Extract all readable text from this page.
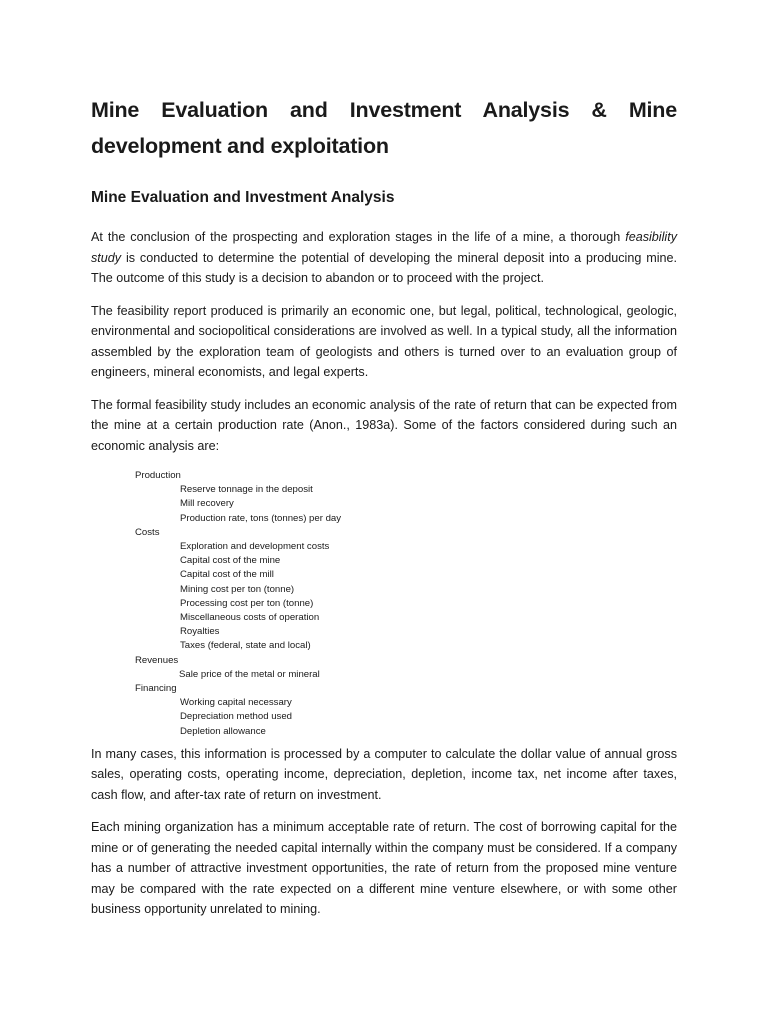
Mine Evaluation and Investment Analysis & Mine development and exploitation
Mine Evaluation and Investment Analysis

At the conclusion of the prospecting and exploration stages in the life of a mine, a thorough feasibility study is conducted to determine the potential of developing the mineral deposit into a producing mine. The outcome of this study is a decision to abandon or to proceed with the project.

The feasibility report produced is primarily an economic one, but legal, political, technological, geologic, environmental and sociopolitical considerations are involved as well. In a typical study, all the information assembled by the exploration team of geologists and others is turned over to an evaluation group of engineers, mineral economists, and legal experts.

The formal feasibility study includes an economic analysis of the rate of return that can be expected from the mine at a certain production rate (Anon., 1983a). Some of the factors considered during such an economic analysis are:

Production
Reserve tonnage in the deposit
Mill recovery
Production rate, tons (tonnes) per day
Costs
Exploration and development costs
Capital cost of the mine
Capital cost of the mill
Mining cost per ton (tonne)
Processing cost per ton (tonne)
Miscellaneous costs of operation
Royalties
Taxes (federal, state and local)
Revenues
Sale price of the metal or mineral
Financing
Working capital necessary
Depreciation method used
Depletion allowance

In many cases, this information is processed by a computer to calculate the dollar value of annual gross sales, operating costs, operating income, depreciation, depletion, income tax, net income after taxes, cash flow, and after-tax rate of return on investment.

Each mining organization has a minimum acceptable rate of return. The cost of borrowing capital for the mine or of generating the needed capital internally within the company must be considered. If a company has a number of attractive investment opportunities, the rate of return from the proposed mine venture may be compared with the rate expected on a different mine venture elsewhere, or with some other business opportunity unrelated to mining.
